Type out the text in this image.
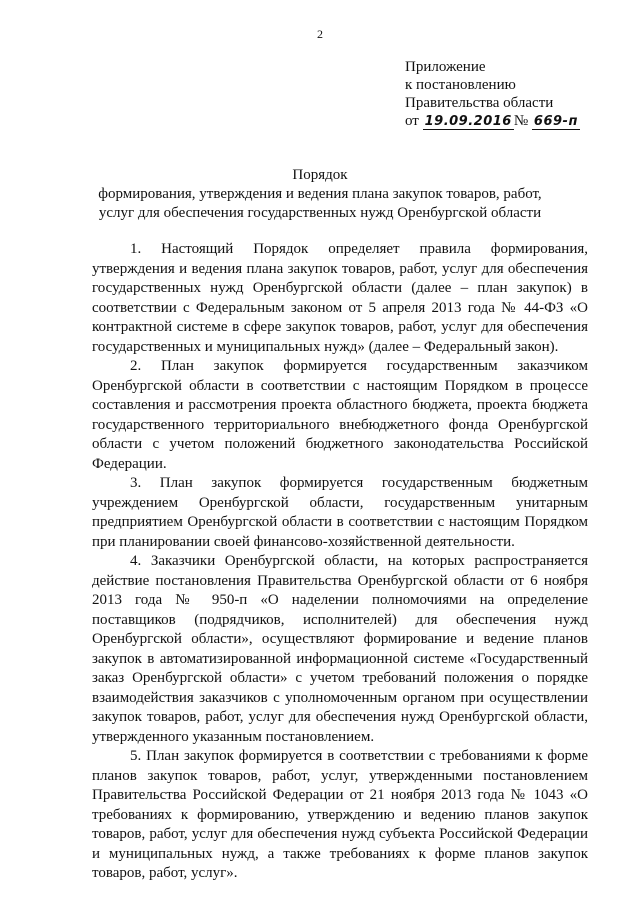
2
Приложение
к постановлению
Правительства области
от 19.09.2016 № 669-п
Порядок
формирования, утверждения и ведения плана закупок товаров, работ,
услуг для обеспечения государственных нужд Оренбургской области

1. Настоящий Порядок определяет правила формирования, утверждения и ведения плана закупок товаров, работ, услуг для обеспечения государственных нужд Оренбургской области (далее – план закупок) в соответствии с Федеральным законом от 5 апреля 2013 года № 44-ФЗ «О контрактной системе в сфере закупок товаров, работ, услуг для обеспечения государственных и муниципальных нужд» (далее – Федеральный закон).

2. План закупок формируется государственным заказчиком Оренбургской области в соответствии с настоящим Порядком в процессе составления и рассмотрения проекта областного бюджета, проекта бюджета государственного территориального внебюджетного фонда Оренбургской области с учетом положений бюджетного законодательства Российской Федерации.

3. План закупок формируется государственным бюджетным учреждением Оренбургской области, государственным унитарным предприятием Оренбургской области в соответствии с настоящим Порядком при планировании своей финансово-хозяйственной деятельности.

4. Заказчики Оренбургской области, на которых распространяется действие постановления Правительства Оренбургской области от 6 ноября 2013 года № 950-п «О наделении полномочиями на определение поставщиков (подрядчиков, исполнителей) для обеспечения нужд Оренбургской области», осуществляют формирование и ведение планов закупок в автоматизированной информационной системе «Государственный заказ Оренбургской области» с учетом требований положения о порядке взаимодействия заказчиков с уполномоченным органом при осуществлении закупок товаров, работ, услуг для обеспечения нужд Оренбургской области, утвержденного указанным постановлением.

5. План закупок формируется в соответствии с требованиями к форме планов закупок товаров, работ, услуг, утвержденными постановлением Правительства Российской Федерации от 21 ноября 2013 года № 1043 «О требованиях к формированию, утверждению и ведению планов закупок товаров, работ, услуг для обеспечения нужд субъекта Российской Федерации и муниципальных нужд, а также требованиях к форме планов закупок товаров, работ, услуг».
